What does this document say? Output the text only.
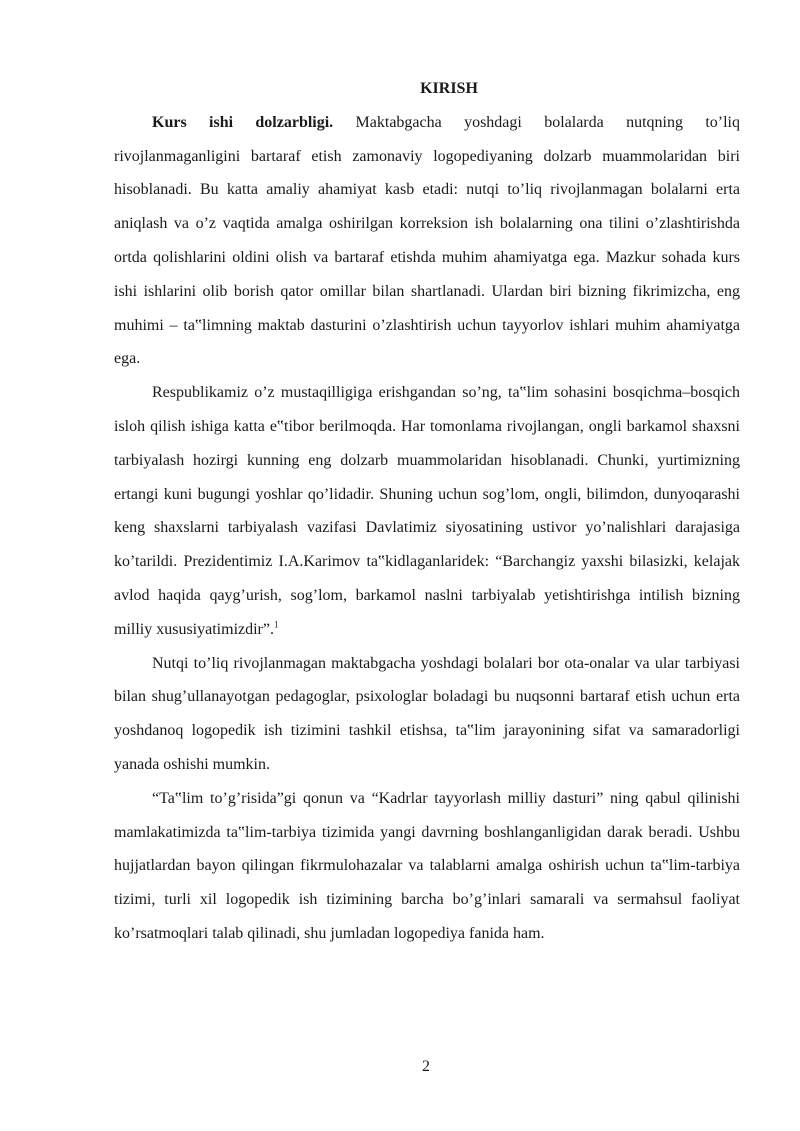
KIRISH

Kurs ishi dolzarbligi. Maktabgacha yoshdagi bolalarda nutqning to’liq rivojlanmaganligini bartaraf etish zamonaviy logopediyaning dolzarb muammolaridan biri hisoblanadi. Bu katta amaliy ahamiyat kasb etadi: nutqi to’liq rivojlanmagan bolalarni erta aniqlash va o’z vaqtida amalga oshirilgan korreksion ish bolalarning ona tilini o’zlashtirishda ortda qolishlarini oldini olish va bartaraf etishda muhim ahamiyatga ega. Mazkur sohada kurs ishi ishlarini olib borish qator omillar bilan shartlanadi. Ulardan biri bizning fikrimizcha, eng muhimi – ta‟limning maktab dasturini o’zlashtirish uchun tayyorlov ishlari muhim ahamiyatga ega.

Respublikamiz o’z mustaqilligiga erishgandan so’ng, ta‟lim sohasini bosqichma–bosqich isloh qilish ishiga katta e‟tibor berilmoqda. Har tomonlama rivojlangan, ongli barkamol shaxsni tarbiyalash hozirgi kunning eng dolzarb muammolaridan hisoblanadi. Chunki, yurtimizning ertangi kuni bugungi yoshlar qo’lidadir. Shuning uchun sog’lom, ongli, bilimdon, dunyoqarashi keng shaxslarni tarbiyalash vazifasi Davlatimiz siyosatining ustivor yo’nalishlari darajasiga ko’tarildi. Prezidentimiz I.A.Karimov ta‟kidlaganlaridek: “Barchangiz yaxshi bilasizki, kelajak avlod haqida qayg’urish, sog’lom, barkamol naslni tarbiyalab yetishtirishga intilish bizning milliy xususiyatimizdir”.$^1$

Nutqi to’liq rivojlanmagan maktabgacha yoshdagi bolalari bor ota-onalar va ular tarbiyasi bilan shug’ullanayotgan pedagoglar, psixologlar boladagi bu nuqsonni bartaraf etish uchun erta yoshdanoq logopedik ish tizimini tashkil etishsa, ta‟lim jarayonining sifat va samaradorligi yanada oshishi mumkin.

“Ta‟lim to’g’risida”gi qonun va “Kadrlar tayyorlash milliy dasturi” ning qabul qilinishi mamlakatimizda ta‟lim-tarbiya tizimida yangi davrning boshlanganligidan darak beradi. Ushbu hujjatlardan bayon qilingan fikrmulohazalar va talablarni amalga oshirish uchun ta‟lim-tarbiya tizimi, turli xil logopedik ish tizimining barcha bo’g’inlari samarali va sermahsul faoliyat ko’rsatmoqlari talab qilinadi, shu jumladan logopediya fanida ham.

2
